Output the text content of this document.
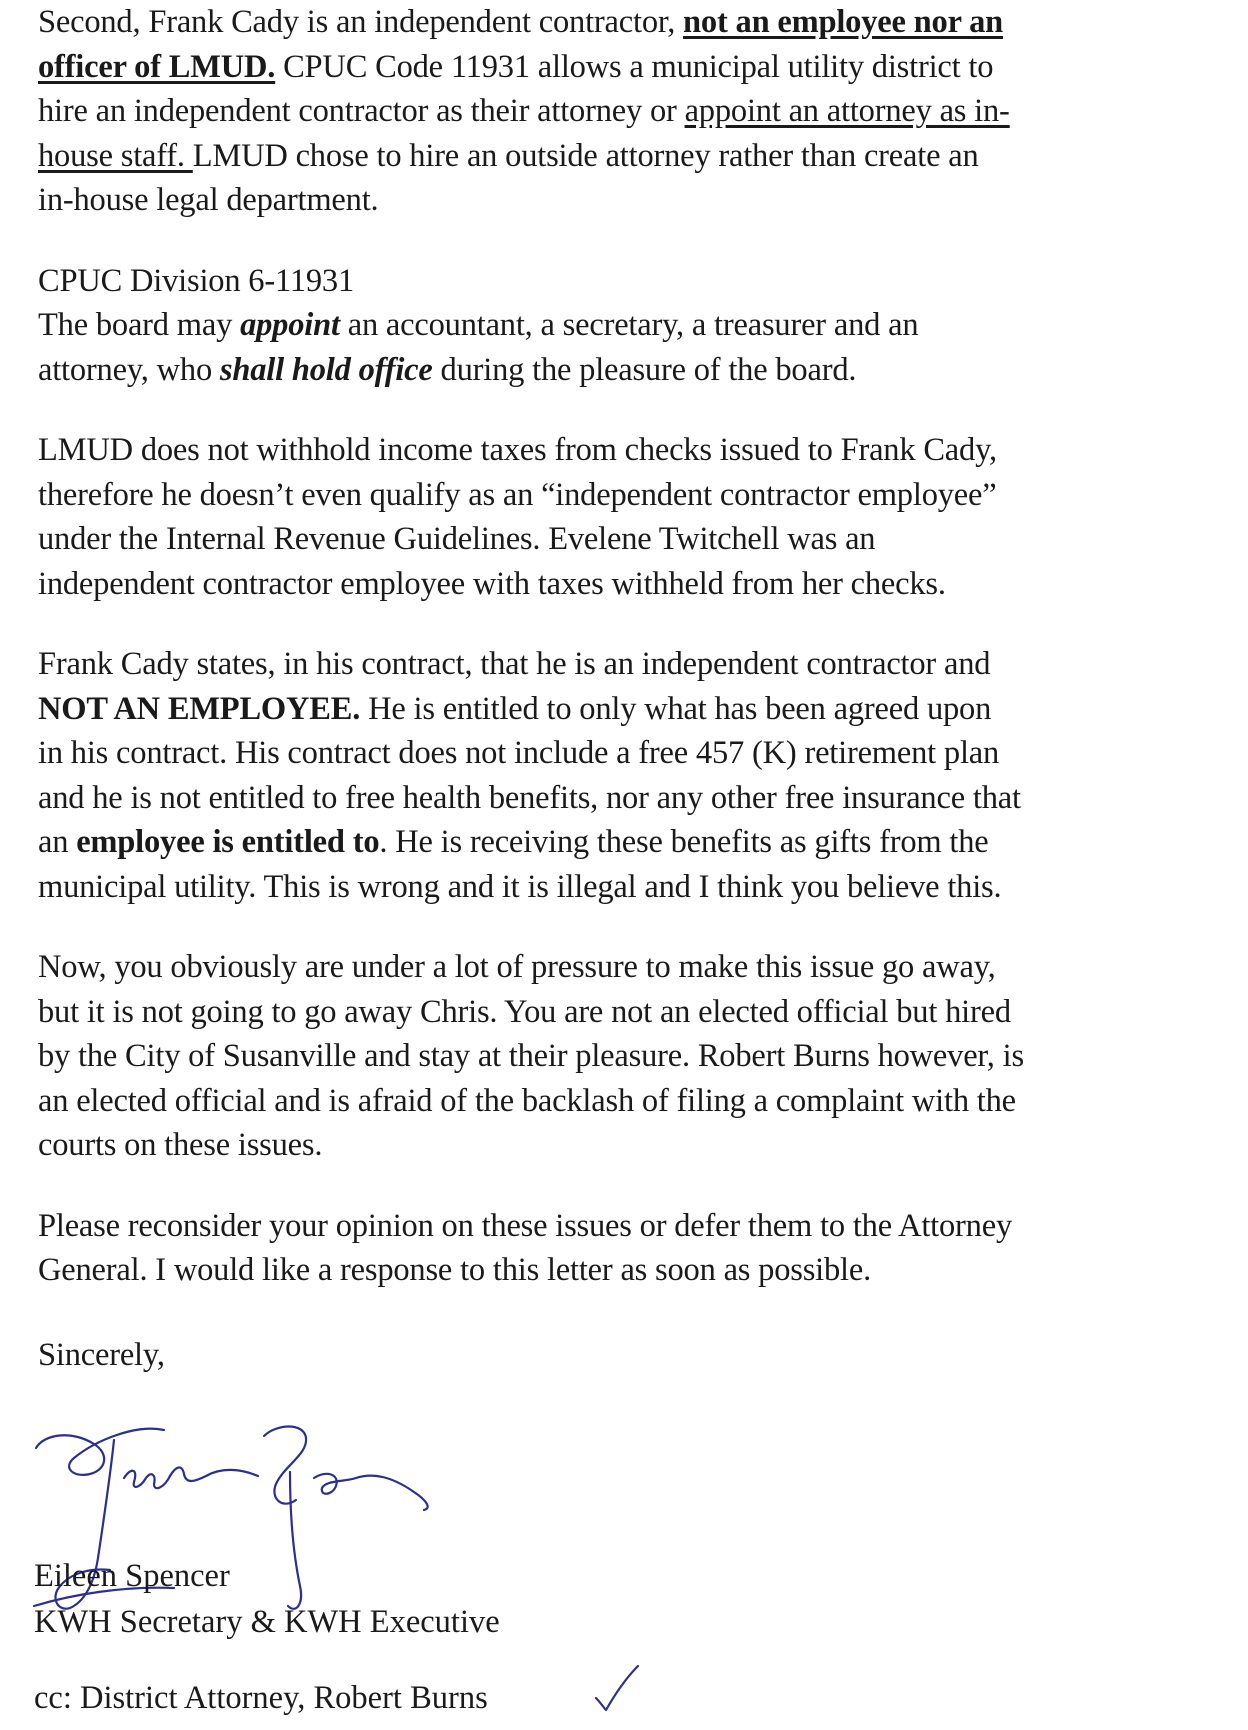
Second, Frank Cady is an independent contractor, not an employee nor an
officer of LMUD. CPUC Code 11931 allows a municipal utility district to
hire an independent contractor as their attorney or appoint an attorney as in-
house staff. LMUD chose to hire an outside attorney rather than create an
in-house legal department.
CPUC Division 6-11931
The board may appoint an accountant, a secretary, a treasurer and an
attorney, who shall hold office during the pleasure of the board.
LMUD does not withhold income taxes from checks issued to Frank Cady,
therefore he doesn’t even qualify as an “independent contractor employee”
under the Internal Revenue Guidelines. Evelene Twitchell was an
independent contractor employee with taxes withheld from her checks.
Frank Cady states, in his contract, that he is an independent contractor and
NOT AN EMPLOYEE. He is entitled to only what has been agreed upon
in his contract. His contract does not include a free 457 (K) retirement plan
and he is not entitled to free health benefits, nor any other free insurance that
an employee is entitled to. He is receiving these benefits as gifts from the
municipal utility. This is wrong and it is illegal and I think you believe this.
Now, you obviously are under a lot of pressure to make this issue go away,
but it is not going to go away Chris. You are not an elected official but hired
by the City of Susanville and stay at their pleasure. Robert Burns however, is
an elected official and is afraid of the backlash of filing a complaint with the
courts on these issues.
Please reconsider your opinion on these issues or defer them to the Attorney
General. I would like a response to this letter as soon as possible.
Sincerely,
Eileen Spencer
KWH Secretary & KWH Executive
cc: District Attorney, Robert Burns
